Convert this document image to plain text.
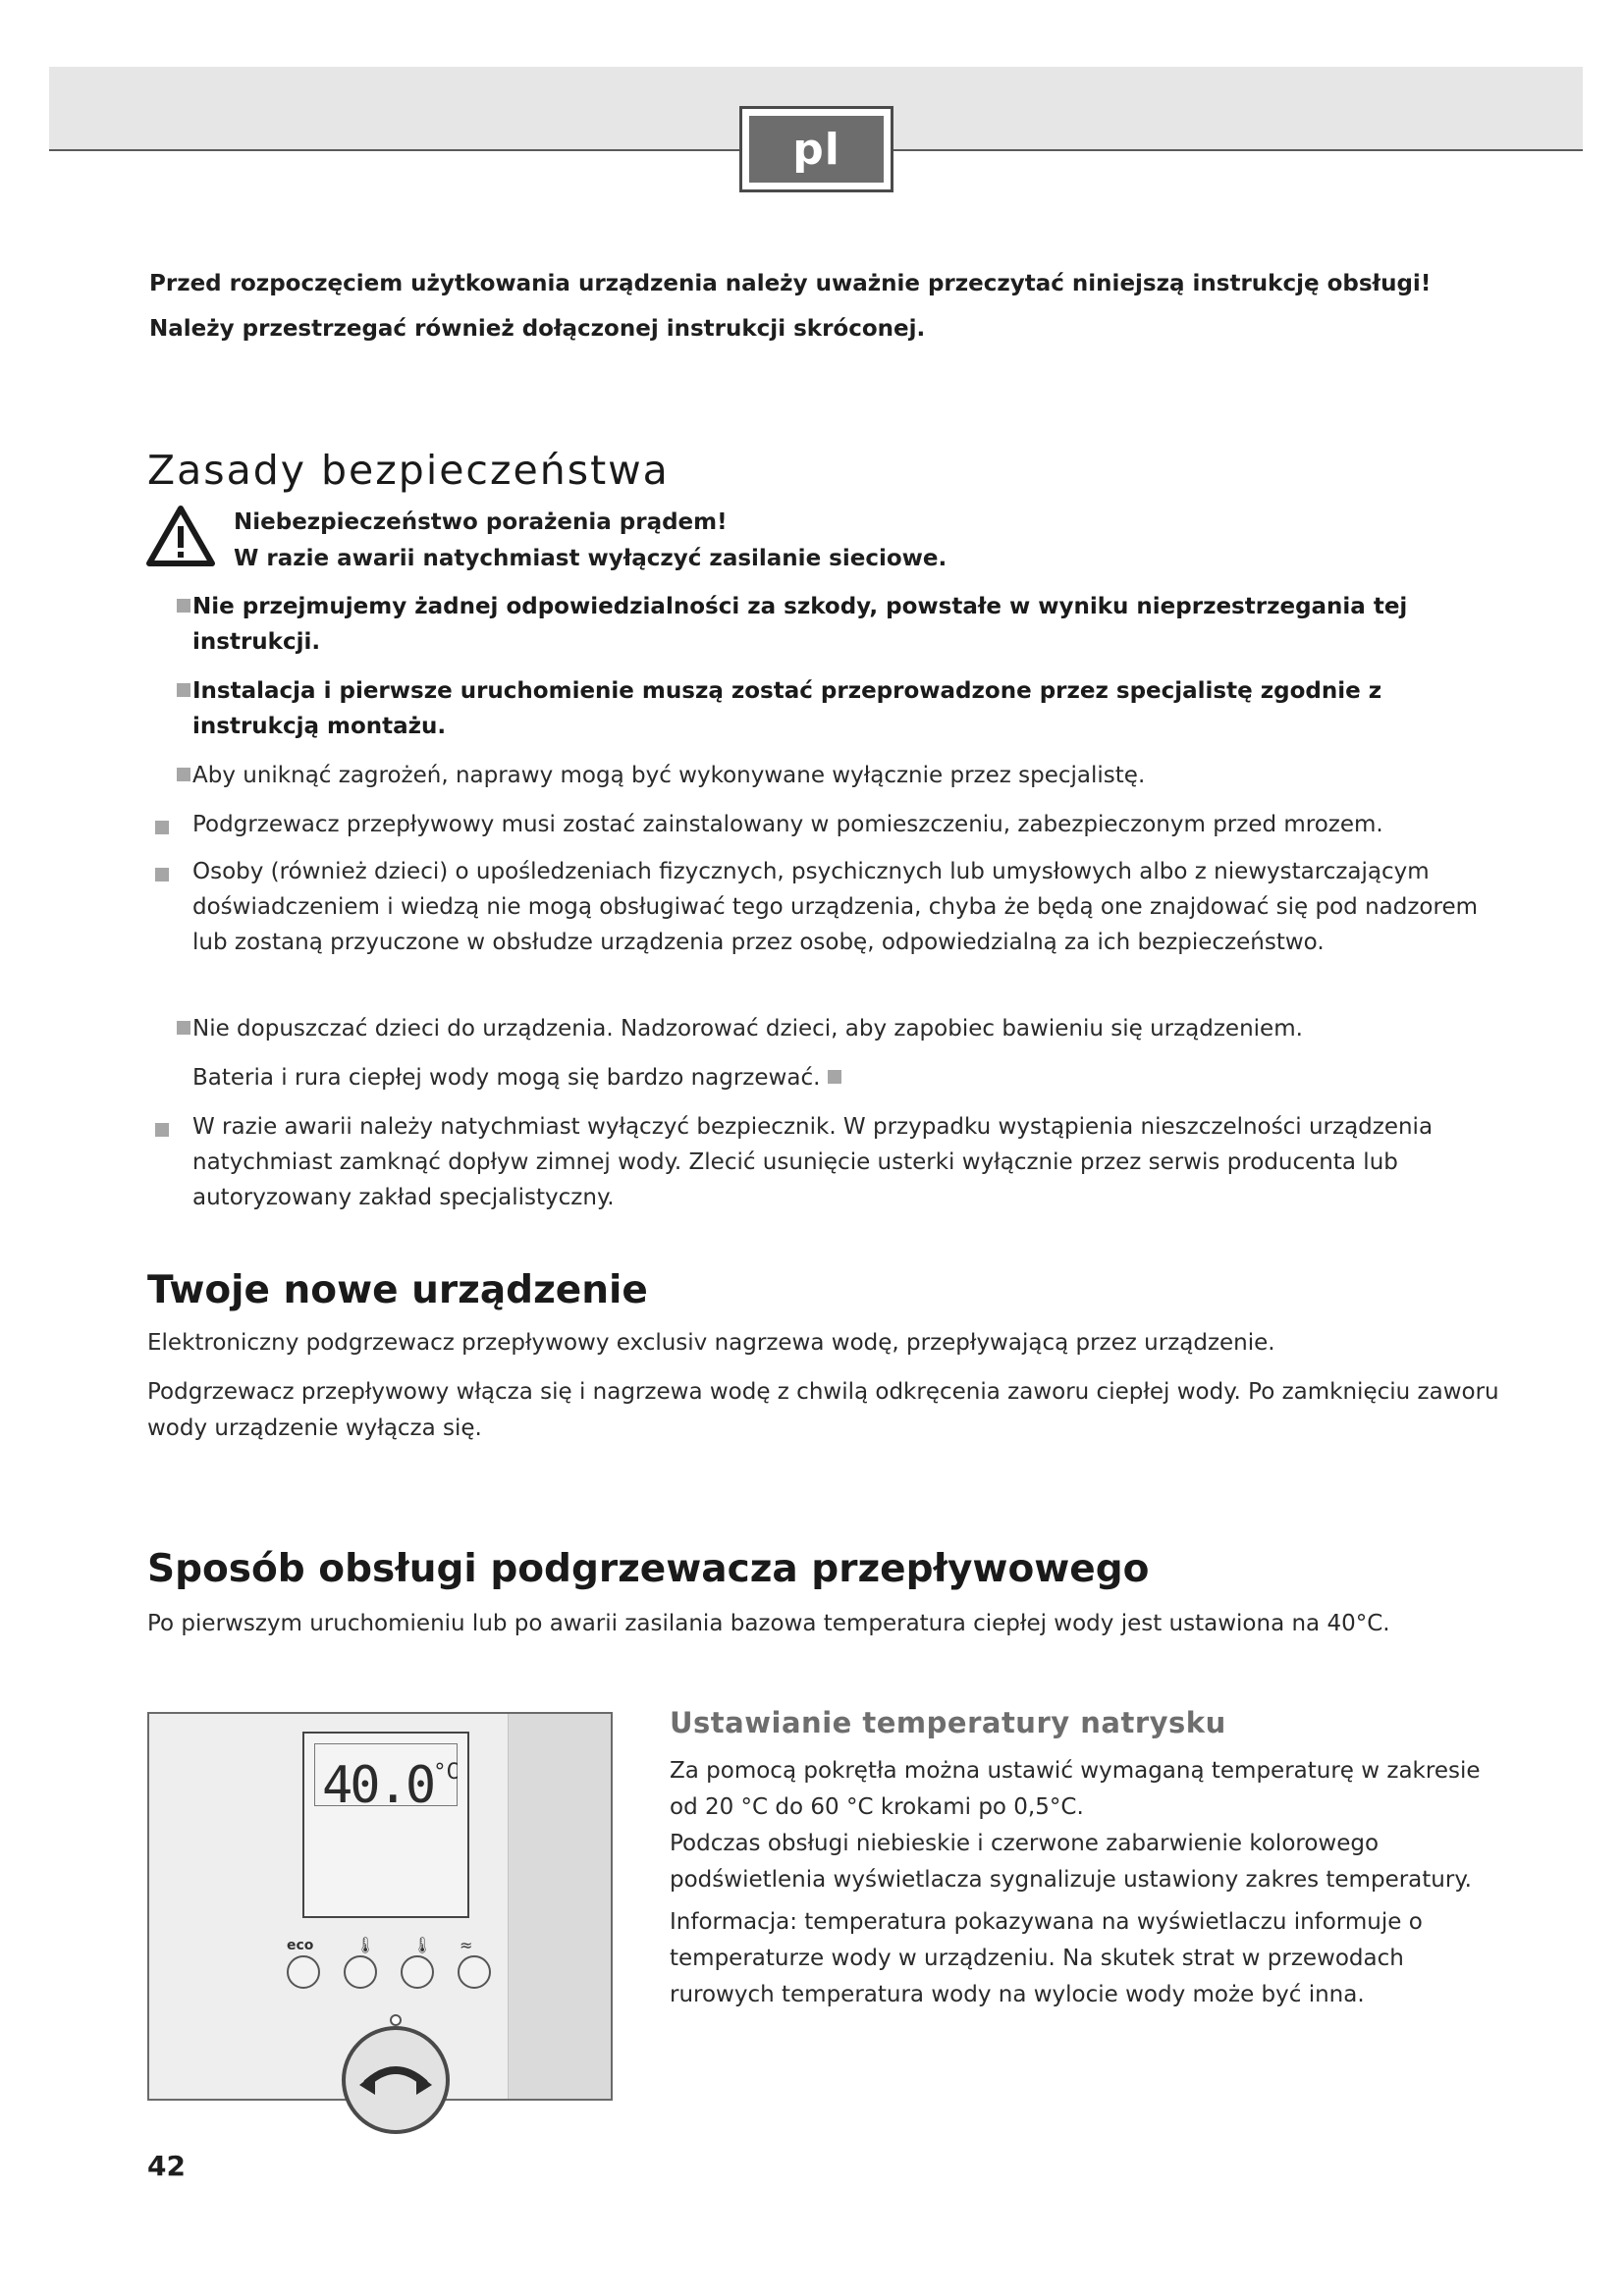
pl

Przed rozpoczęciem użytkowania urządzenia należy uważnie przeczytać niniejszą instrukcję obsługi!

Należy przestrzegać również dołączonej instrukcji skróconej.

Zasady bezpieczeństwa

Niebezpieczeństwo porażenia prądem!

W razie awarii natychmiast wyłączyć zasilanie sieciowe.

Nie przejmujemy żadnej odpowiedzialności za szkody, powstałe w wyniku nieprzestrzegania tej instrukcji.
Instalacja i pierwsze uruchomienie muszą zostać przeprowadzone przez specjalistę zgodnie z instrukcją montażu.
Aby uniknąć zagrożeń, naprawy mogą być wykonywane wyłącznie przez specjalistę.
Podgrzewacz przepływowy musi zostać zainstalowany w pomieszczeniu, zabezpieczonym przed mrozem.
Osoby (również dzieci) o upośledzeniach fizycznych, psychicznych lub umysłowych albo z niewystarczającym doświadczeniem i wiedzą nie mogą obsługiwać tego urządzenia, chyba że będą one znajdować się pod nadzorem lub zostaną przyuczone w obsłudze urządzenia przez osobę, odpowiedzialną za ich bezpieczeństwo.
Nie dopuszczać dzieci do urządzenia. Nadzorować dzieci, aby zapobiec bawieniu się urządzeniem.
Bateria i rura ciepłej wody mogą się bardzo nagrzewać.
W razie awarii należy natychmiast wyłączyć bezpiecznik. W przypadku wystąpienia nieszczelności urządzenia natychmiast zamknąć dopływ zimnej wody. Zlecić usunięcie usterki wyłącznie przez serwis producenta lub autoryzowany zakład specjalistyczny.
Twoje nowe urządzenie

Elektroniczny podgrzewacz przepływowy exclusiv nagrzewa wodę, przepływającą przez urządzenie.

Podgrzewacz przepływowy włącza się i nagrzewa wodę z chwilą odkręcenia zaworu ciepłej wody. Po zamknięciu zaworu wody urządzenie wyłącza się.

Sposób obsługi podgrzewacza przepływowego

Po pierwszym uruchomieniu lub po awarii zasilania bazowa temperatura ciepłej wody jest ustawiona na 40°C.

$40.0^{^\circ C}$
eco	🌡 🌡 ≈
Ustawianie temperatury natrysku

Za pomocą pokrętła można ustawić wymaganą temperaturę w zakresie od 20 °C do 60 °C krokami po 0,5°C.

Podczas obsługi niebieskie i czerwone zabarwienie kolorowego podświetlenia wyświetlacza sygnalizuje ustawiony zakres temperatury.

Informacja: temperatura pokazywana na wyświetlaczu informuje o temperaturze wody w urządzeniu. Na skutek strat w przewodach rurowych temperatura wody na wylocie wody może być inna.

42
